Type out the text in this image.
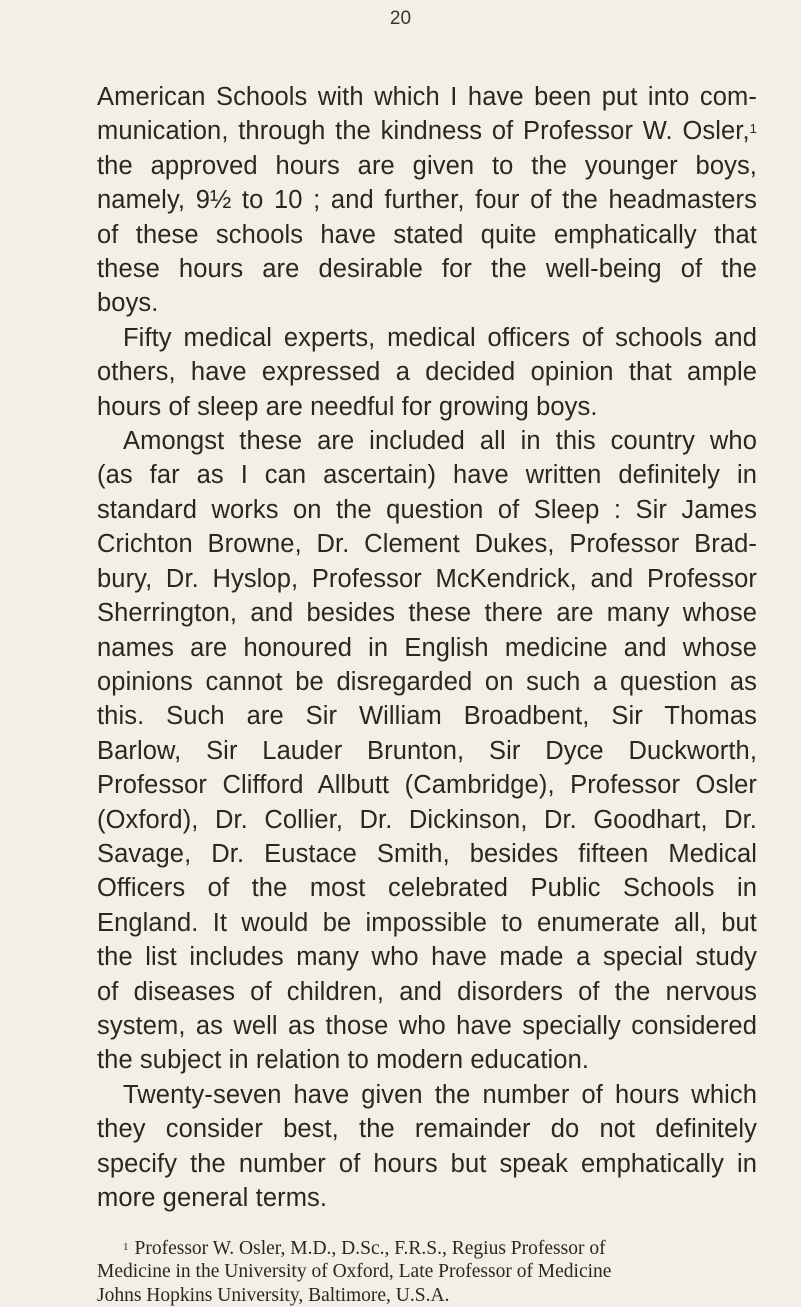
20
American Schools with which I have been put into com-
munication, through the kindness of Professor W. Osler,$^1$
the approved hours are given to the younger boys,
namely, 9½ to 10 ; and further, four of the headmasters
of these schools have stated quite emphatically that
these hours are desirable for the well-being of the
boys.
Fifty medical experts, medical officers of schools and
others, have expressed a decided opinion that ample
hours of sleep are needful for growing boys.
Amongst these are included all in this country who
(as far as I can ascertain) have written definitely in
standard works on the question of Sleep : Sir James
Crichton Browne, Dr. Clement Dukes, Professor Brad-
bury, Dr. Hyslop, Professor McKendrick, and Professor
Sherrington, and besides these there are many whose
names are honoured in English medicine and whose
opinions cannot be disregarded on such a question as
this. Such are Sir William Broadbent, Sir Thomas
Barlow, Sir Lauder Brunton, Sir Dyce Duckworth,
Professor Clifford Allbutt (Cambridge), Professor Osler
(Oxford), Dr. Collier, Dr. Dickinson, Dr. Goodhart, Dr.
Savage, Dr. Eustace Smith, besides fifteen Medical
Officers of the most celebrated Public Schools in
England. It would be impossible to enumerate all, but
the list includes many who have made a special study
of diseases of children, and disorders of the nervous
system, as well as those who have specially considered
the subject in relation to modern education.
Twenty-seven have given the number of hours which
they consider best, the remainder do not definitely
specify the number of hours but speak emphatically in
more general terms.
$^1$ Professor W. Osler, M.D., D.Sc., F.R.S., Regius Professor of
Medicine in the University of Oxford, Late Professor of Medicine
Johns Hopkins University, Baltimore, U.S.A.
